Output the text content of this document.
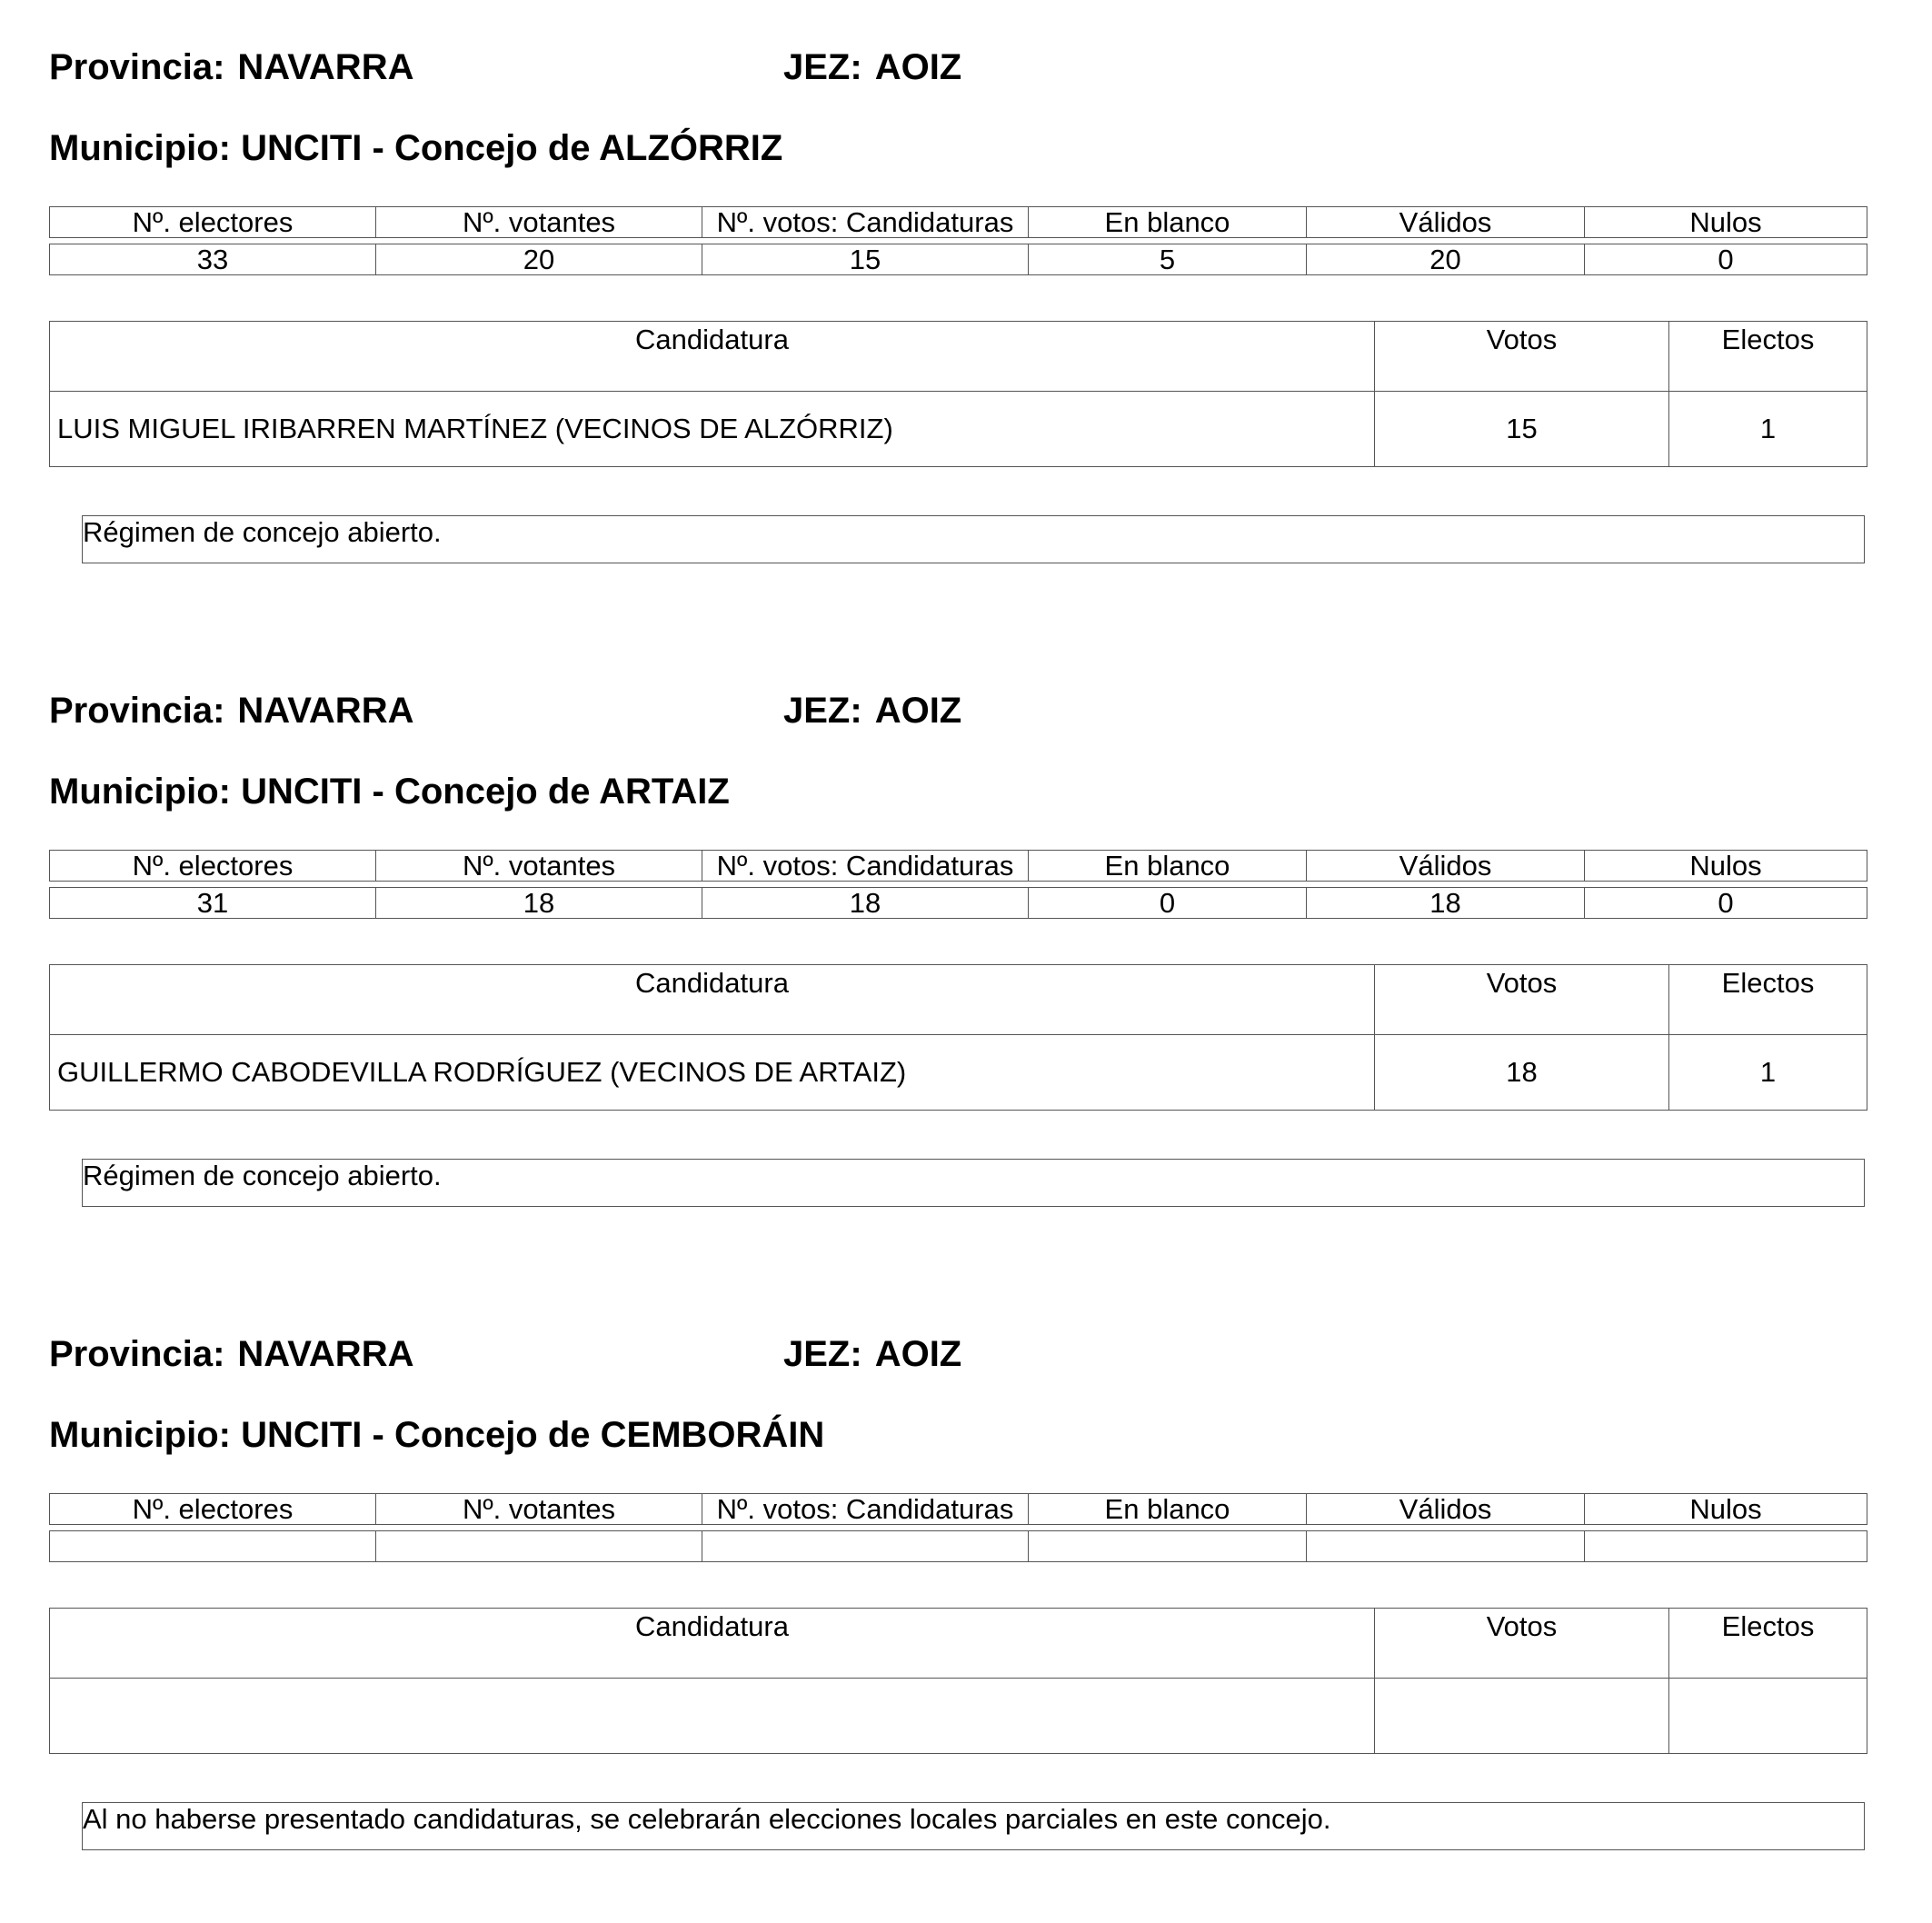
Provincia: NAVARRA	JEZ: AOIZ
Municipio: UNCITI - Concejo de ALZÓRRIZ
Nº. electores	Nº. votantes	Nº. votos: Candidaturas	En blanco	Válidos	Nulos

33	20	15	5	20	0
Candidatura	Votos	Electos
LUIS MIGUEL IRIBARREN MARTÍNEZ (VECINOS DE ALZÓRRIZ)	15	1
Régimen de concejo abierto.
Provincia: NAVARRA	JEZ: AOIZ
Municipio: UNCITI - Concejo de ARTAIZ
Nº. electores	Nº. votantes	Nº. votos: Candidaturas	En blanco	Válidos	Nulos

31	18	18	0	18	0
Candidatura	Votos	Electos
GUILLERMO CABODEVILLA RODRÍGUEZ (VECINOS DE ARTAIZ)	18	1
Régimen de concejo abierto.
Provincia: NAVARRA	JEZ: AOIZ
Municipio: UNCITI - Concejo de CEMBORÁIN
Nº. electores	Nº. votantes	Nº. votos: Candidaturas	En blanco	Válidos	Nulos

Candidatura	Votos	Electos

Al no haberse presentado candidaturas, se celebrarán elecciones locales parciales en este concejo.
